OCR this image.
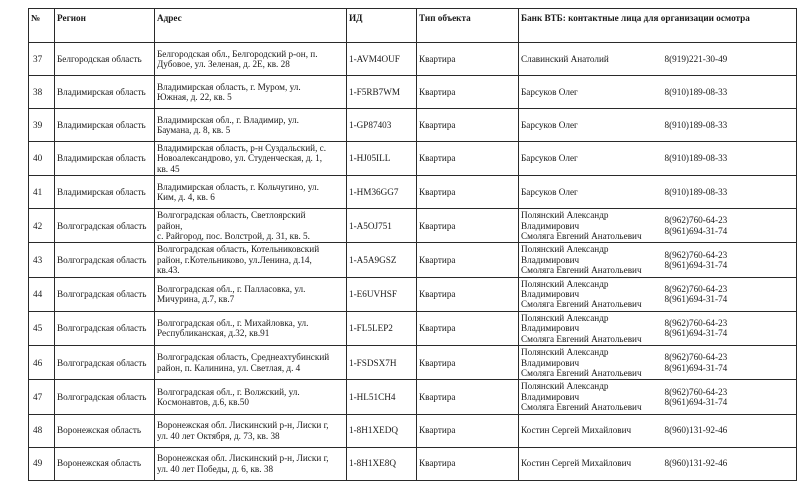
№	Регион	Адрес	ИД	Тип объекта	Банк ВТБ: контактные лица для организации осмотра	
37	Белгородская область	Белгородская обл., Белгородский р-он, п.
Дубовое, ул. Зеленая, д. 2Е, кв. 28	1-AVM4OUF	Квартира	Славинский Анатолий	8(919)221-30-49

38	Владимирская область	Владимирская область, г. Муром, ул.
Южная, д. 22, кв. 5	1-F5RB7WM	Квартира	Барсуков Олег	8(910)189-08-33

39	Владимирская область	Владимирская обл., г. Владимир, ул.
Баумана, д. 8, кв. 5	1-GP87403	Квартира	Барсуков Олег	8(910)189-08-33

40	Владимирская область	Владимирская область, р-н Суздальский, с.
Новоалександрово, ул. Студенческая, д. 1,
кв. 45	1-HJ05ILL	Квартира	Барсуков Олег	8(910)189-08-33

41	Владимирская область	Владимирская область, г. Кольчугино, ул.
Ким, д. 4, кв. 6	1-HM36GG7	Квартира	Барсуков Олег	8(910)189-08-33

42	Волгоградская область	Волгоградская область, Светлоярский
район,
с. Райгород, пос. Волстрой, д. 31, кв. 5.	1-A5OJ751	Квартира	Полянский Александр
Владимирович
Смолягa Евгений Анатольевич	8(962)760-64-23
8(961)694-31-74

43	Волгоградская область	Волгоградская область, Котельниковский
район, г.Котельниково, ул.Ленина, д.14,
кв.43.	1-A5A9GSZ	Квартира	Полянский Александр
Владимирович
Смолягa Евгений Анатольевич	8(962)760-64-23
8(961)694-31-74

44	Волгоградская область	Волгоградская обл., г. Палласовка, ул.
Мичурина, д.7, кв.7	1-E6UVHSF	Квартира	Полянский Александр
Владимирович
Смолягa Евгений Анатольевич	8(962)760-64-23
8(961)694-31-74

45	Волгоградская область	Волгоградская обл., г. Михайловка, ул.
Республиканская, д.32, кв.91	1-FL5LEP2	Квартира	Полянский Александр
Владимирович
Смолягa Евгений Анатольевич	8(962)760-64-23
8(961)694-31-74

46	Волгоградская область	Волгоградская область, Среднеахтубинский
район, п. Калинина, ул. Светлая, д. 4	1-FSDSX7H	Квартира	Полянский Александр
Владимирович
Смолягa Евгений Анатольевич	8(962)760-64-23
8(961)694-31-74

47	Волгоградская область	Волгоградская обл., г. Волжский, ул.
Космонавтов, д.6, кв.50	1-HL51CH4	Квартира	Полянский Александр
Владимирович
Смолягa Евгений Анатольевич	8(962)760-64-23
8(961)694-31-74

48	Воронежская область	Воронежская обл. Лискинский р-н, Лиски г,
ул. 40 лет Октября, д. 73, кв. 38	1-8H1XEDQ	Квартира	Костин Сергей Михайлович	8(960)131-92-46

49	Воронежская область	Воронежская обл. Лискинский р-н, Лиски г,
ул. 40 лет Победы, д. 6, кв. 38	1-8H1XE8Q	Квартира	Костин Сергей Михайлович	8(960)131-92-46
